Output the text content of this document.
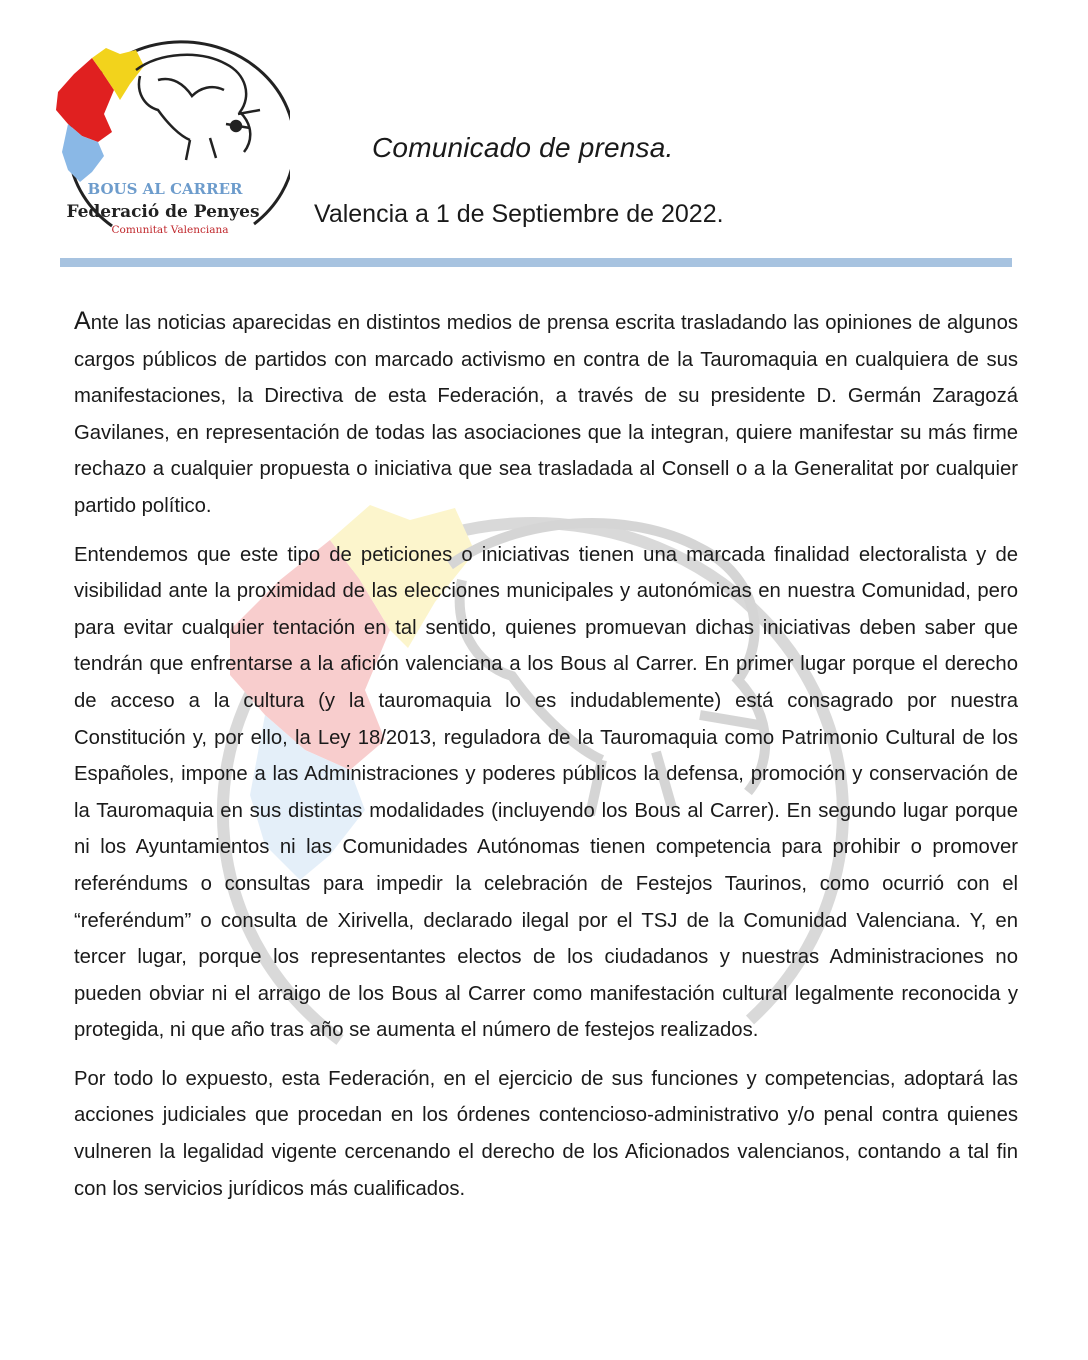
BOUS AL CARRER
Federació de Penyes
Comunitat Valenciana
Comunicado de prensa.
Valencia a 1 de Septiembre de 2022.

Ante las noticias aparecidas en distintos medios de prensa escrita trasladando las opiniones de algunos cargos públicos de partidos con marcado activismo en contra de la Tauromaquia en cualquiera de sus manifestaciones, la Directiva de esta Federación, a través de su presidente D. Germán Zaragozá Gavilanes, en representación de todas las asociaciones que la integran, quiere manifestar su más firme rechazo a cualquier propuesta o iniciativa que sea trasladada al Consell o a la Generalitat por cualquier partido político.

Entendemos que este tipo de peticiones o iniciativas tienen una marcada finalidad electoralista y de visibilidad ante la proximidad de las elecciones municipales y autonómicas en nuestra Comunidad, pero para evitar cualquier tentación en tal sentido, quienes promuevan dichas iniciativas deben saber que tendrán que enfrentarse a la afición valenciana a los Bous al Carrer. En primer lugar porque el derecho de acceso a la cultura (y la tauromaquia lo es indudablemente) está consagrado por nuestra Constitución y, por ello, la Ley 18/2013, reguladora de la Tauromaquia como Patrimonio Cultural de los Españoles, impone a las Administraciones y poderes públicos la defensa, promoción y conservación de la Tauromaquia en sus distintas modalidades (incluyendo los Bous al Carrer). En segundo lugar porque ni los Ayuntamientos ni las Comunidades Autónomas tienen competencia para prohibir o promover referéndums o consultas para impedir la celebración de Festejos Taurinos, como ocurrió con el “referéndum” o consulta de Xirivella, declarado ilegal por el TSJ de la Comunidad Valenciana. Y, en tercer lugar, porque los representantes electos de los ciudadanos y nuestras Administraciones no pueden obviar ni el arraigo de los Bous al Carrer como manifestación cultural legalmente reconocida y protegida, ni que año tras año se aumenta el número de festejos realizados.

Por todo lo expuesto, esta Federación, en el ejercicio de sus funciones y competencias, adoptará las acciones judiciales que procedan en los órdenes contencioso-administrativo y/o penal contra quienes vulneren la legalidad vigente cercenando el derecho de los Aficionados valencianos, contando a tal fin con los servicios jurídicos más cualificados.
